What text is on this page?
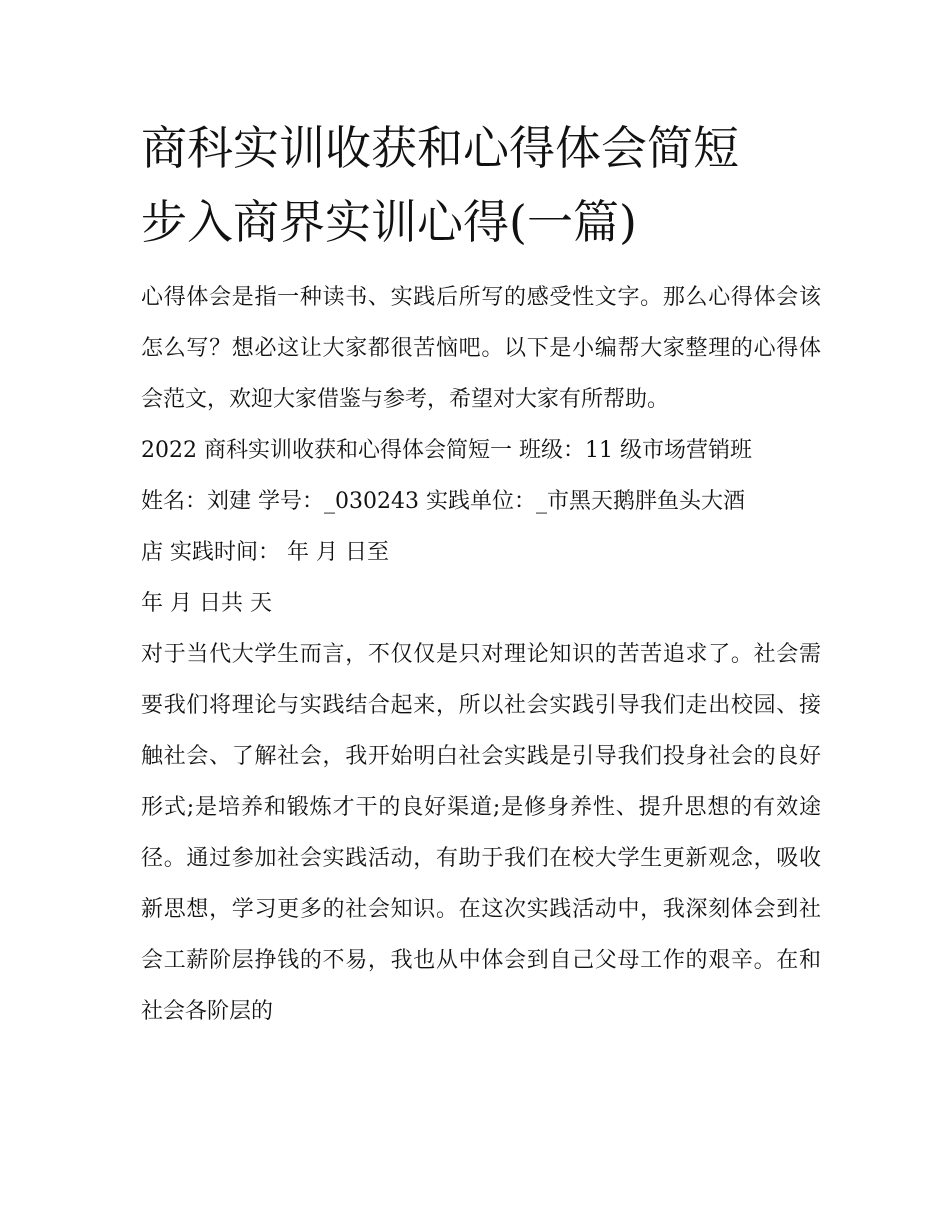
商科实训收获和心得体会简短
步入商界实训心得(一篇)

心得体会是指一种读书、实践后所写的感受性文字。那么心得体会该怎么写？想必这让大家都很苦恼吧。以下是小编帮大家整理的心得体会范文，欢迎大家借鉴与参考，希望对大家有所帮助。

2022 商科实训收获和心得体会简短一 班级：11 级市场营销班
姓名：刘建 学号：_030243 实践单位：_市黑天鹅胖鱼头大酒
店 实践时间： 年 月 日至
年 月 日共 天

对于当代大学生而言，不仅仅是只对理论知识的苦苦追求了。社会需要我们将理论与实践结合起来，所以社会实践引导我们走出校园、接触社会、了解社会，我开始明白社会实践是引导我们投身社会的良好形式;是培养和锻炼才干的良好渠道;是修身养性、提升思想的有效途径。通过参加社会实践活动，有助于我们在校大学生更新观念，吸收新思想，学习更多的社会知识。在这次实践活动中，我深刻体会到社会工薪阶层挣钱的不易，我也从中体会到自己父母工作的艰辛。在和社会各阶层的
